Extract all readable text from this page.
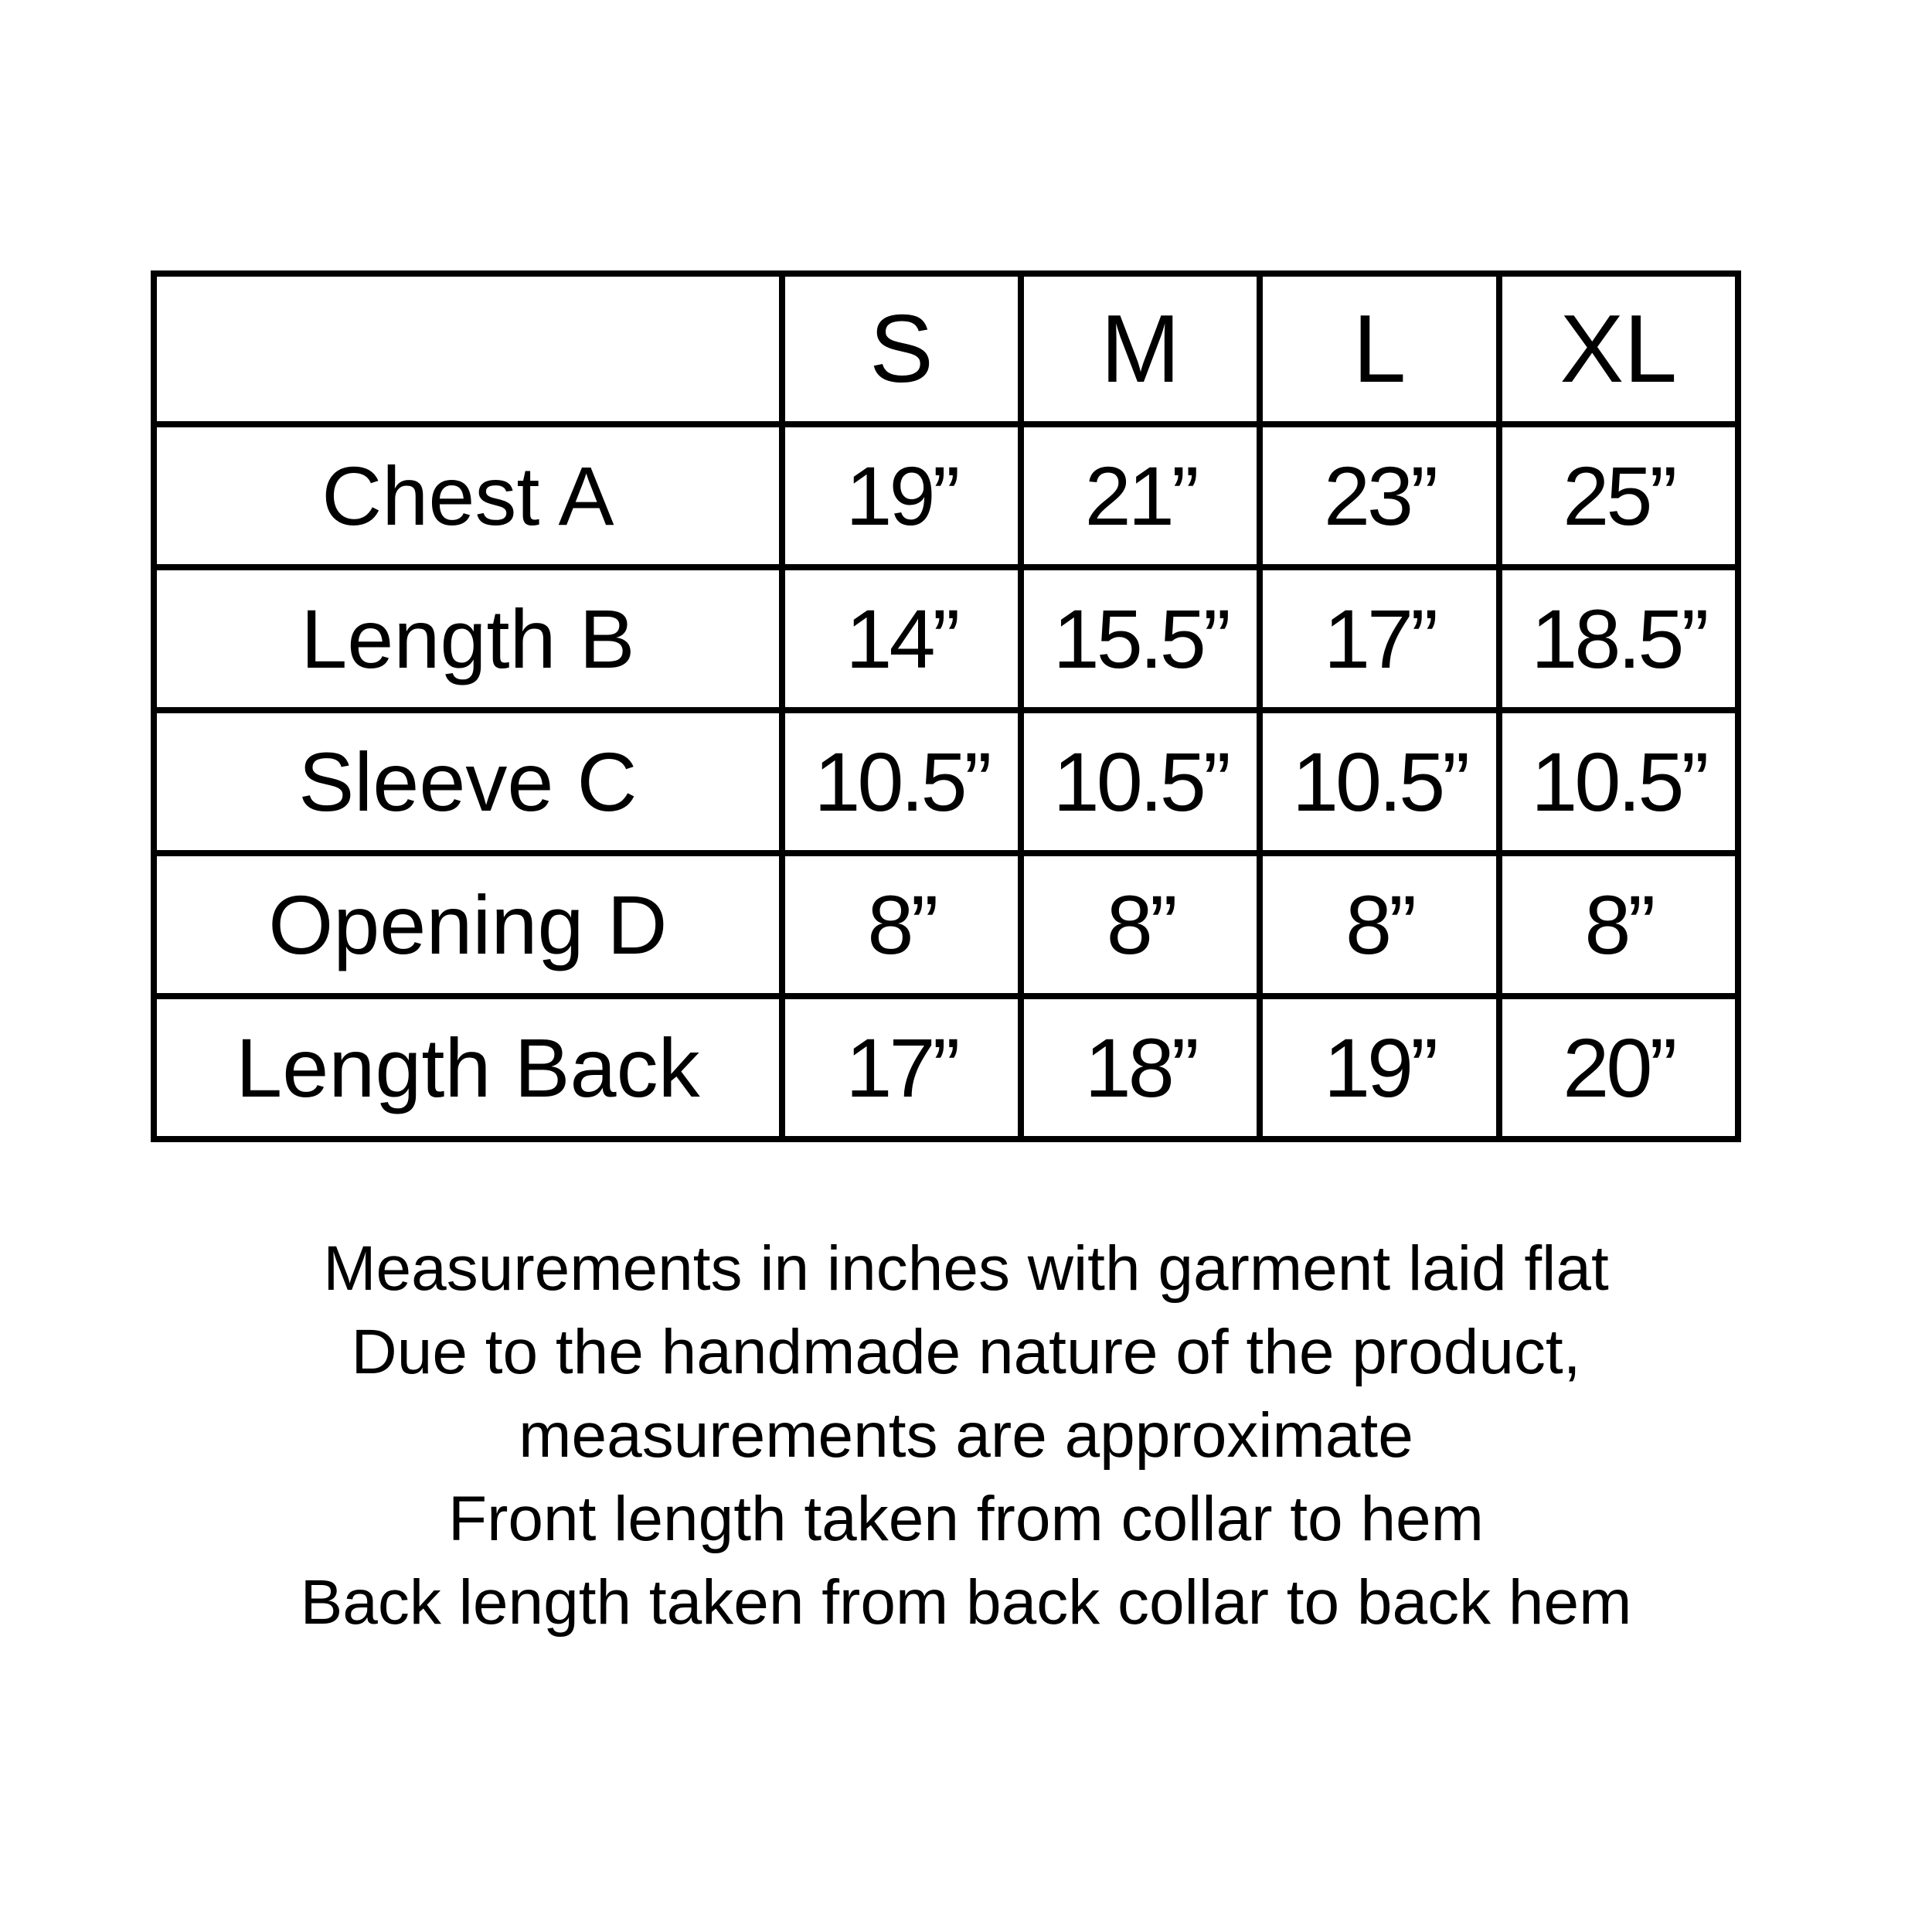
	S	M	L	XL
Chest A	19”	21”	23”	25”
Length B	14”	15.5”	17”	18.5”
Sleeve C	10.5”	10.5”	10.5”	10.5”
Opening D	8”	8”	8”	8”
Length Back	17”	18”	19”	20”
Measurements in inches with garment laid flat
Due to the handmade nature of the product,
measurements are approximate
Front length taken from collar to hem
Back length taken from back collar to back hem
